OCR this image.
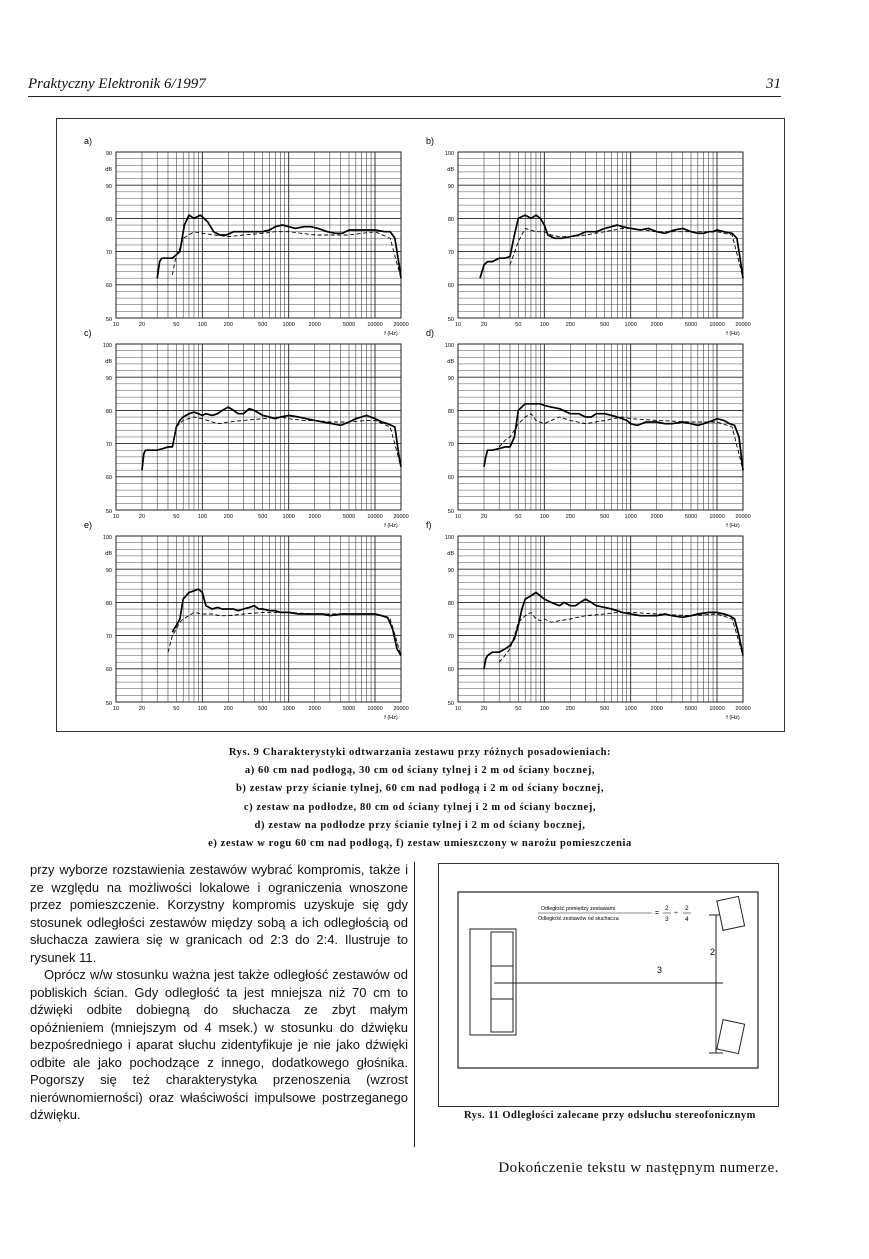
Praktyczny Elektronik 6/1997	31
a)
90
dB
90
80
70
60
50
10	20	50	100	200	500	1000 2000	5000 10000 20000
f (Hz)
b)
100
dB
90
80
70
60
50
10	20	50	100	200	500	1000 2000	5000 10000 20000
f (Hz)
c)
100
dB
90
80
70
60
50
10	20	50	100	200	500	1000 2000	5000 10000 20000
f (Hz)
d)
100
dB
90
80
70
60
50
10	20	50	100	200	500	1000 2000	5000 10000 20000
f (Hz)
e)
100
dB
90
80
70
60
50
10	20	50	100	200	500	1000 2000	5000 10000 20000
f (Hz)
f)
100
dB
90
80
70
60
50
10	20	50	100	200	500	1000 2000	5000 10000 20000
f (Hz)
Rys. 9 Charakterystyki odtwarzania zestawu przy różnych posadowieniach:
a) 60 cm nad podłogą, 30 cm od ściany tylnej i 2 m od ściany bocznej,
b) zestaw przy ścianie tylnej, 60 cm nad podłogą i 2 m od ściany bocznej,
c) zestaw na podłodze, 80 cm od ściany tylnej i 2 m od ściany bocznej,
d) zestaw na podłodze przy ścianie tylnej i 2 m od ściany bocznej,
e) zestaw w rogu 60 cm nad podłogą, f) zestaw umieszczony w narożu pomieszczenia

przy wyborze rozstawienia zestawów wybrać kompromis, także i ze względu na możliwości lokalowe i ograniczenia wnoszone przez pomieszczenie. Korzystny kompromis uzyskuje się gdy stosunek odległości zestawów między sobą a ich odległością od słuchacza zawiera się w granicach od 2:3 do 2:4. Ilustruje to rysunek 11.

Oprócz w/w stosunku ważna jest także odległość zestawów od pobliskich ścian. Gdy odległość ta jest mniejsza niż 70 cm to dźwięki odbite dobiegną do słuchacza ze zbyt małym opóźnieniem (mniejszym od 4 msek.) w stosunku do dźwięku bezpośredniego i aparat słuchu zidentyfikuje je nie jako dźwięki odbite ale jako pochodzące z innego, dodatkowego głośnika. Pogorszy się też charakterystyka przenoszenia (wzrost nierównomierności) oraz właściwości impulsowe postrzeganego dźwięku.

2
3
Odległość pomiędzy zestawami
Odległość zestawów od słuchacza
=
2
3
÷
2
4
Rys. 11 Odległości zalecane przy odsłuchu stereofonicznym
Dokończenie tekstu w następnym numerze.
